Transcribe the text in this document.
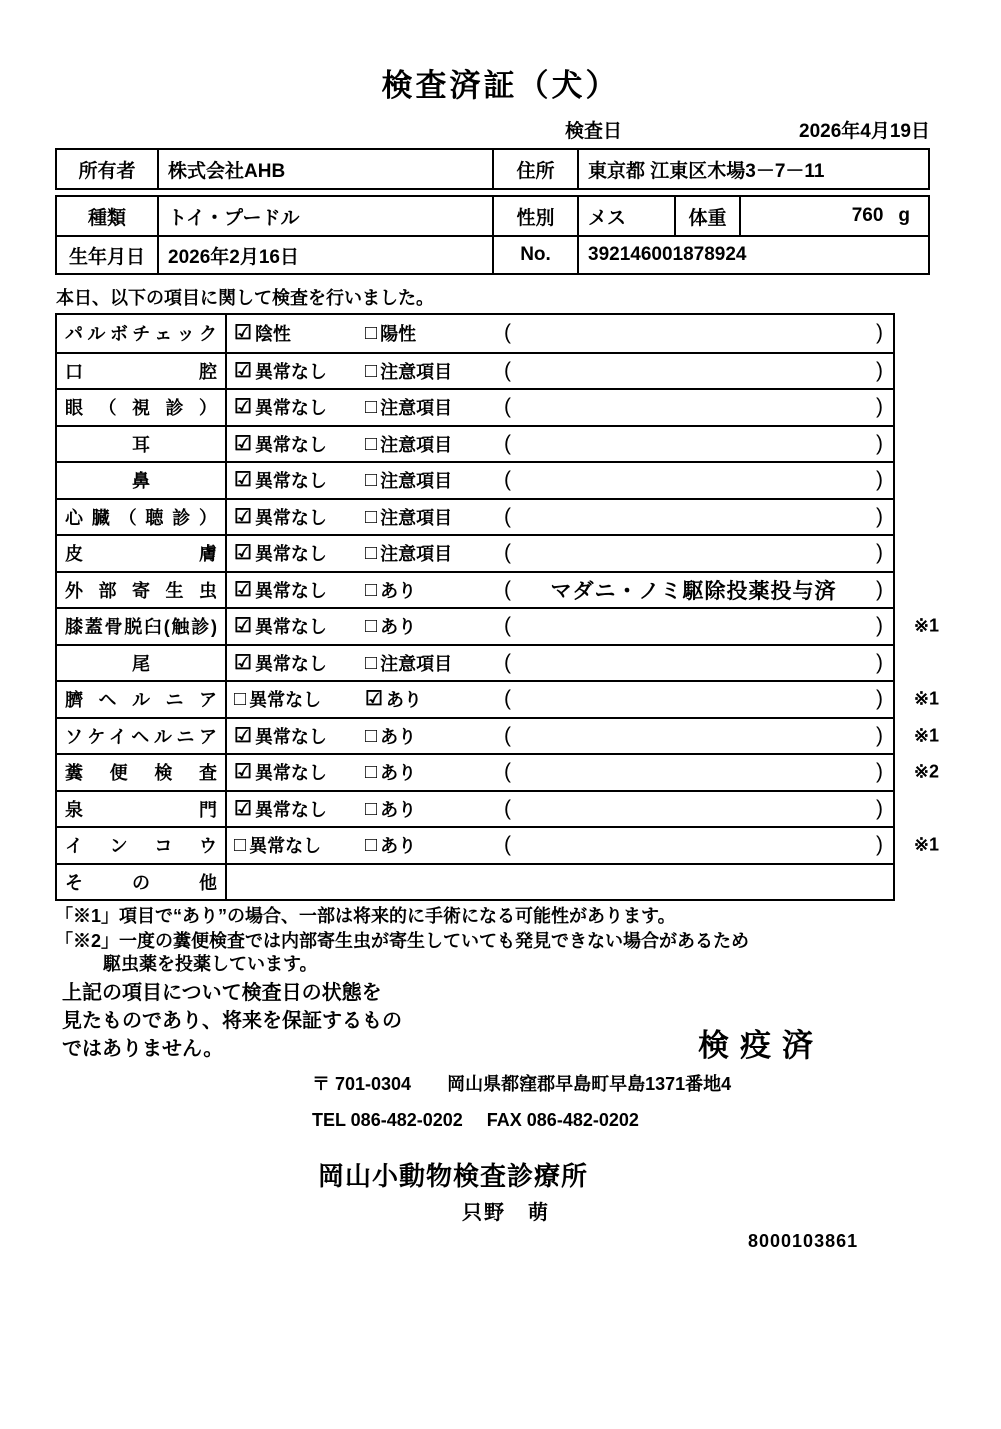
検査済証（犬）
検査日	2026年4月19日
所有者	株式会社AHB	住所	東京都 江東区木場3－7－11
種類	トイ・プードル	性別	メス	体重	760 g
生年月日	2026年2月16日	No.	392146001878924
本日、以下の項目に関して検査を行いました。
パルボチェック ☑ 陰性	□ 陽性	(	)
口腔 ☑ 異常なし □ 注意項目 (	)
眼（視診） ☑ 異常なし □ 注意項目 (	)
耳	☑ 異常なし □ 注意項目 (	)
鼻	☑ 異常なし □ 注意項目 (	)
心臓（聴診） ☑ 異常なし □ 注意項目 (	)
皮膚 ☑ 異常なし □ 注意項目 (	)
外部寄生虫 ☑ 異常なし □ あり	(	マダニ・ノミ駆除投薬投与済	)
膝蓋骨脱臼(触診) ☑ 異常なし □ あり	(	) ※1
尾	☑ 異常なし □ 注意項目 (	)
臍ヘルニア □ 異常なし ☑ あり	(	) ※1
ソケイヘルニア ☑ 異常なし □ あり	(	) ※1
糞便検査 ☑ 異常なし □ あり	(	) ※2
泉門 ☑ 異常なし □ あり	(	)
インコウ □ 異常なし □ あり	(	) ※1
その他
「※1」項目で“あり”の場合、一部は将来的に手術になる可能性があります。
「※2」一度の糞便検査では内部寄生虫が寄生していても発見できない場合があるため
駆虫薬を投薬しています。
上記の項目について検査日の状態を
見たものであり、将来を保証するもの
ではありません。	検疫済
〒 701-0304 岡山県都窪郡早島町早島1371番地4
TEL 086-482-0202 FAX 086-482-0202
岡山小動物検査診療所
只野　萌
8000103861
